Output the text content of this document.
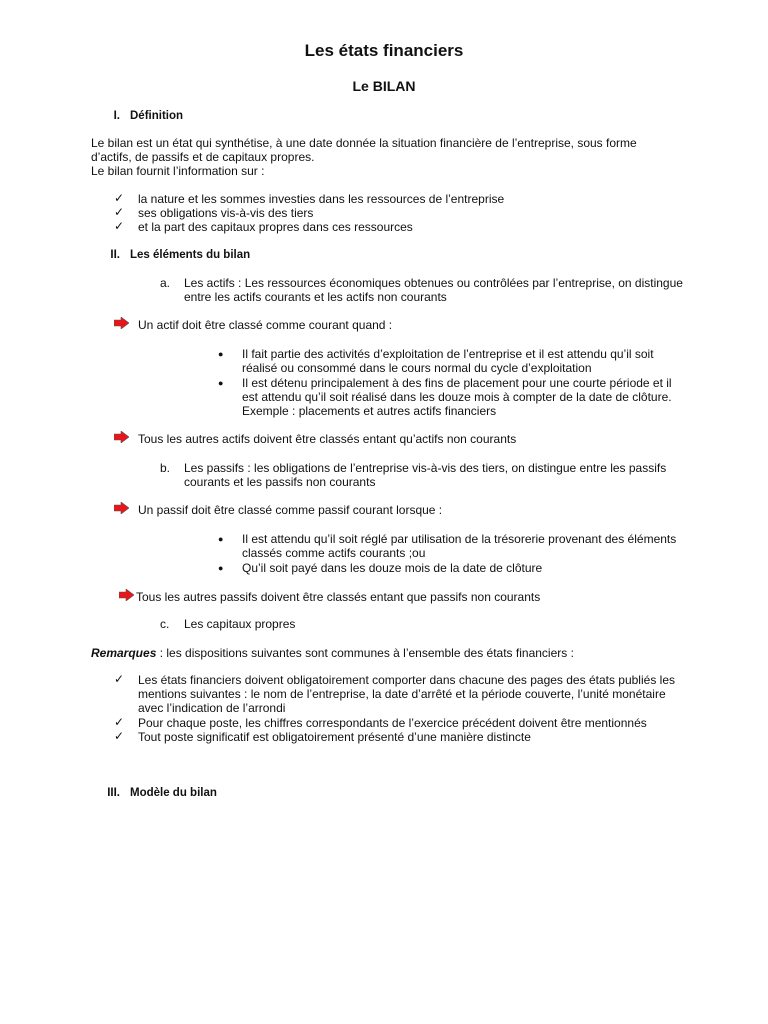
Les états financiers
Le BILAN
I. Définition
Le bilan est un état qui synthétise, à une date donnée la situation financière de l’entreprise, sous forme
d’actifs, de passifs et de capitaux propres.
Le bilan fournit l’information sur :
✓ la nature et les sommes investies dans les ressources de l’entreprise
✓ ses obligations vis-à-vis des tiers
✓ et la part des capitaux propres dans ces ressources
II. Les éléments du bilan
a. Les actifs : Les ressources économiques obtenues ou contrôlées par l’entreprise, on distingue
entre les actifs courants et les actifs non courants
Un actif doit être classé comme courant quand :
● Il fait partie des activités d’exploitation de l’entreprise et il est attendu qu’il soit
réalisé ou consommé dans le cours normal du cycle d’exploitation
● Il est détenu principalement à des fins de placement pour une courte période et il
est attendu qu’il soit réalisé dans les douze mois à compter de la date de clôture.
Exemple : placements et autres actifs financiers
Tous les autres actifs doivent être classés entant qu’actifs non courants
b. Les passifs : les obligations de l’entreprise vis-à-vis des tiers, on distingue entre les passifs
courants et les passifs non courants
Un passif doit être classé comme passif courant lorsque :
● Il est attendu qu’il soit réglé par utilisation de la trésorerie provenant des éléments
classés comme actifs courants ;ou
● Qu’il soit payé dans les douze mois de la date de clôture
Tous les autres passifs doivent être classés entant que passifs non courants
c. Les capitaux propres
Remarques : les dispositions suivantes sont communes à l’ensemble des états financiers :
✓ Les états financiers doivent obligatoirement comporter dans chacune des pages des états publiés les
mentions suivantes : le nom de l’entreprise, la date d’arrêté et la période couverte, l’unité monétaire
avec l’indication de l’arrondi
✓ Pour chaque poste, les chiffres correspondants de l’exercice précédent doivent être mentionnés
✓ Tout poste significatif est obligatoirement présenté d’une manière distincte
III. Modèle du bilan
